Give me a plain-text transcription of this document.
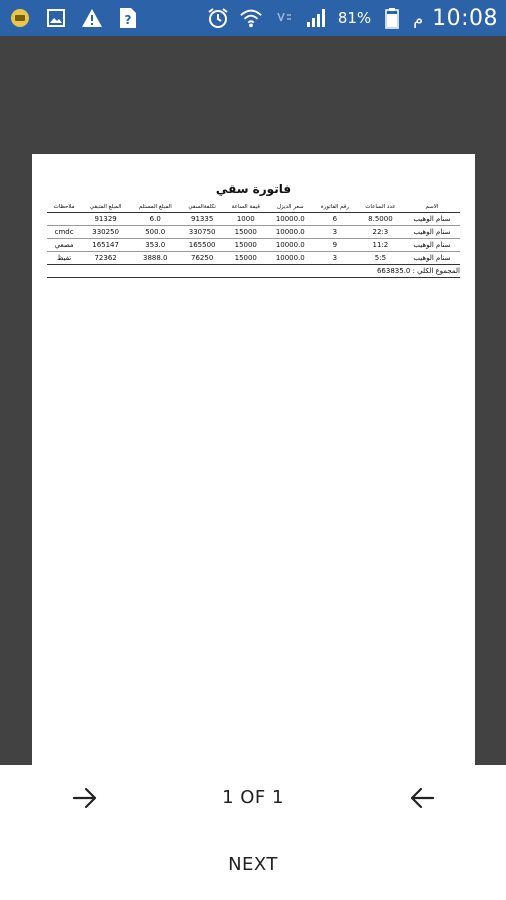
?	81%	م 10:08
فاتورة سقي
الاسم	عدد الساعات	رقم الفاتورة	سعر الديزل	قيمة الساعة	تكلفةالسقي	المبلغ المستلم	المبلغ المتبقي	ملاحظات
سنام الوهيب	8.5000	6	10000.0	1000	91335	6.0	91329	
سنام الوهيب	22:3	3	10000.0	15000	330750	500.0	330250	cmdc
سنام الوهيب	11:2	9	10000.0	15000	165500	353.0	165147	مصعي
سنام الوهيب	5:5	3	10000.0	15000	76250	3888.0	72362	تفيظ
المجموع الكلي : 663835.0
1 OF 1
NEXT
